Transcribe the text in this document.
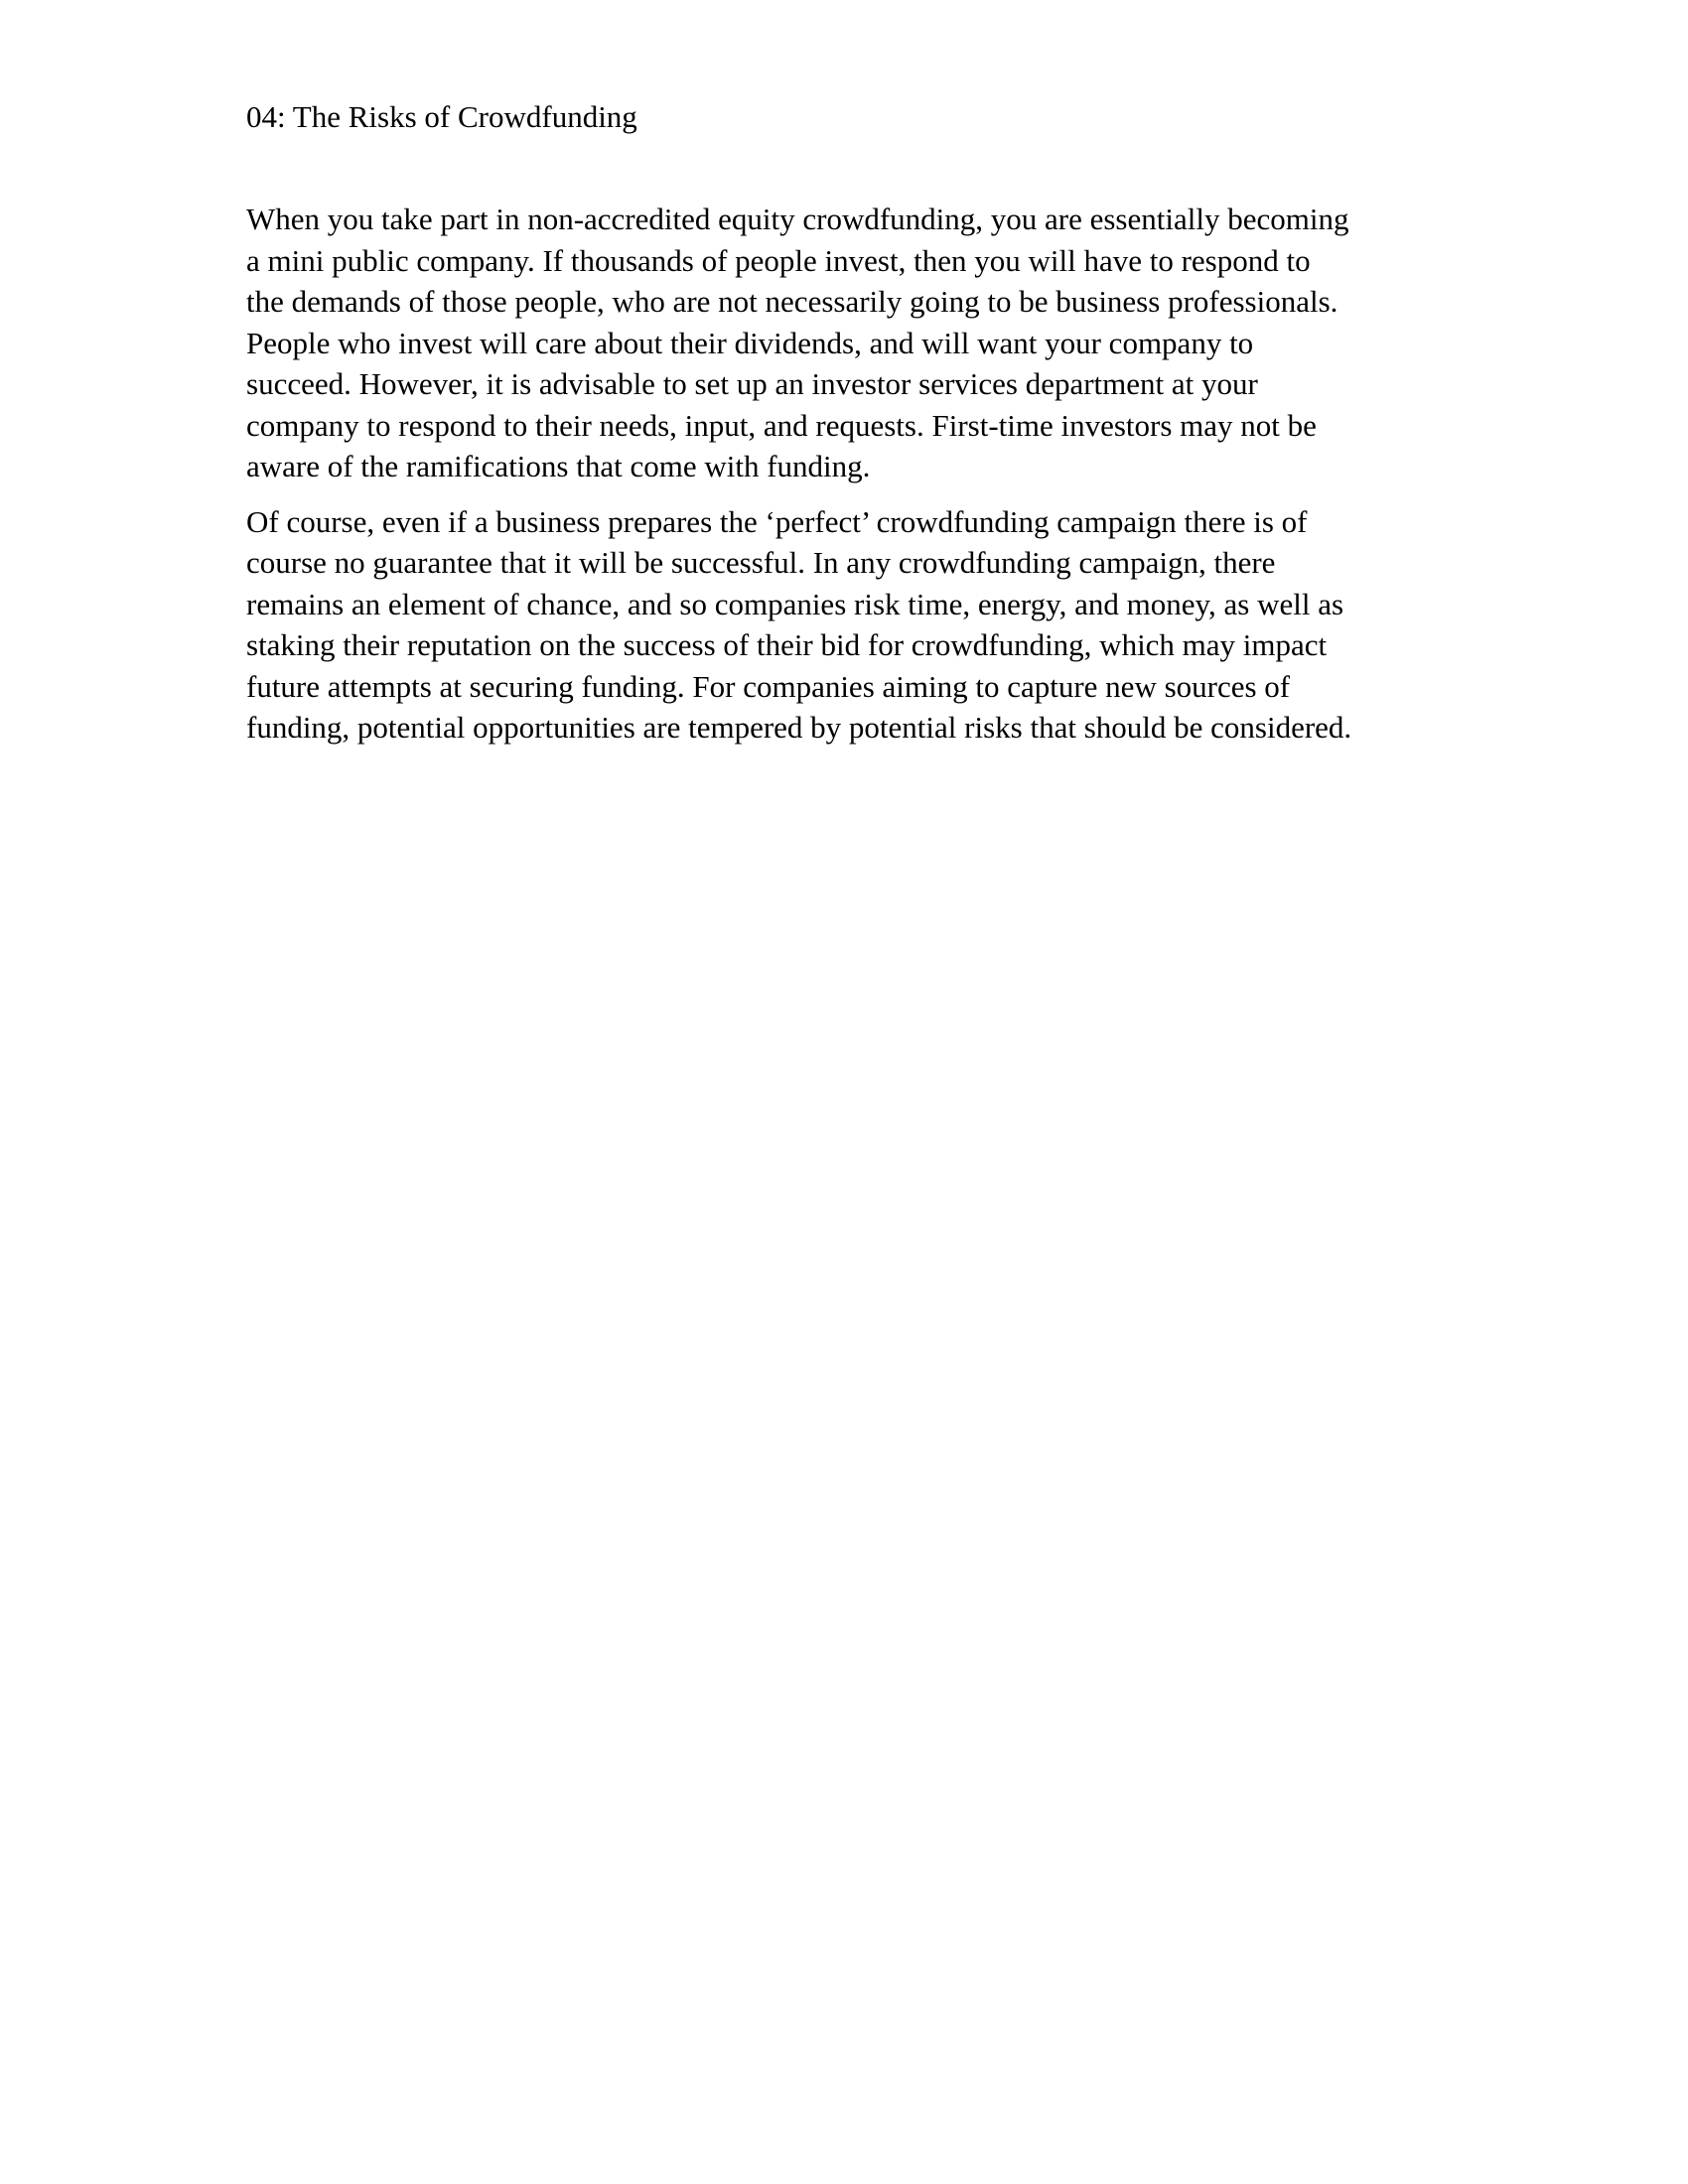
04: The Risks of Crowdfunding

When you take part in non-accredited equity crowdfunding, you are essentially becoming
a mini public company. If thousands of people invest, then you will have to respond to
the demands of those people, who are not necessarily going to be business professionals.
People who invest will care about their dividends, and will want your company to
succeed. However, it is advisable to set up an investor services department at your
company to respond to their needs, input, and requests. First-time investors may not be
aware of the ramifications that come with funding.

Of course, even if a business prepares the ‘perfect’ crowdfunding campaign there is of
course no guarantee that it will be successful. In any crowdfunding campaign, there
remains an element of chance, and so companies risk time, energy, and money, as well as
staking their reputation on the success of their bid for crowdfunding, which may impact
future attempts at securing funding. For companies aiming to capture new sources of
funding, potential opportunities are tempered by potential risks that should be considered.
